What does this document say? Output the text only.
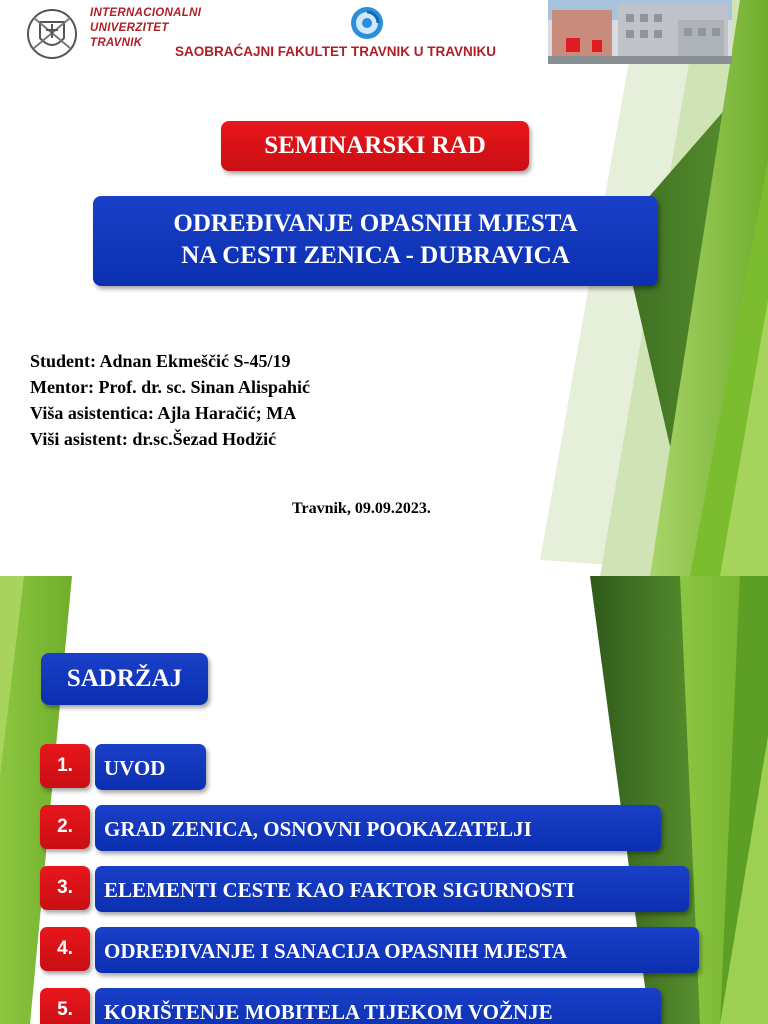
INTERNACIONALNI
UNIVERZITET
TRAVNIK
SAOBRAĆAJNI FAKULTET TRAVNIK U TRAVNIKU
SEMINARSKI RAD
ODREĐIVANJE OPASNIH MJESTA
NA CESTI ZENICA - DUBRAVICA
Student: Adnan Ekmeščić S-45/19
Mentor: Prof. dr. sc. Sinan Alispahić
Viša asistentica: Ajla Haračić; MA
Viši asistent: dr.sc.Šezad Hodžić
Travnik, 09.09.2023.
SADRŽAJ
1.	UVOD
2.	GRAD ZENICA, OSNOVNI POOKAZATELJI
3.	ELEMENTI CESTE KAO FAKTOR SIGURNOSTI
4.	ODREĐIVANJE I SANACIJA OPASNIH MJESTA
5.	KORIŠTENJE MOBITELA TIJEKOM VOŽNJE
